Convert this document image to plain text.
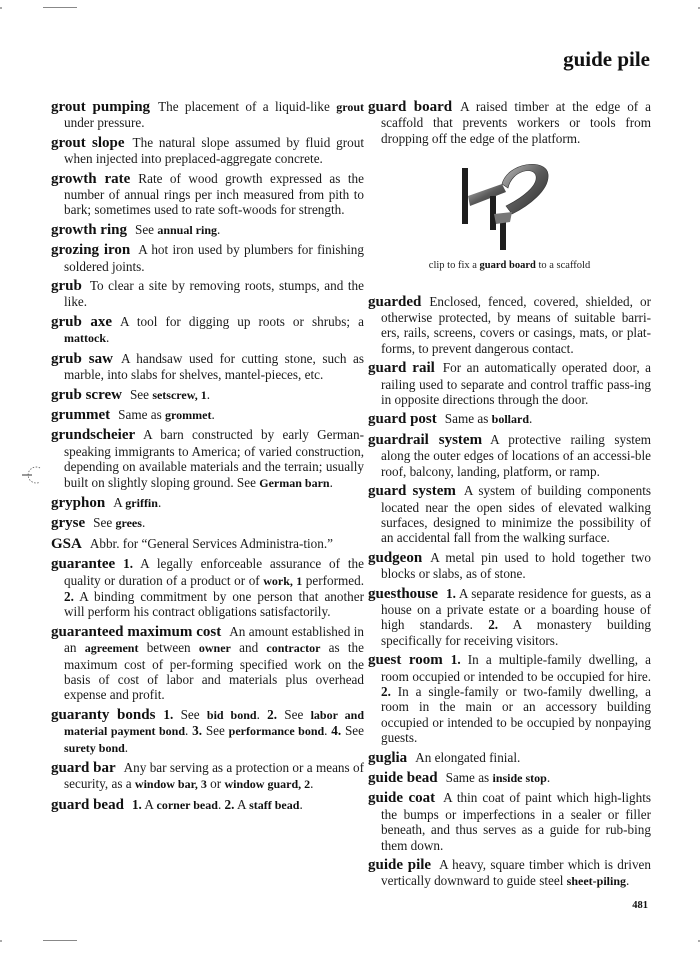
guide pile

grout pumping The placement of a liquid-like grout under pressure.

grout slope The natural slope assumed by fluid grout when injected into preplaced-aggregate concrete.

growth rate Rate of wood growth expressed as the number of annual rings per inch measured from pith to bark; sometimes used to rate soft-woods for strength.

growth ring See annual ring.

grozing iron A hot iron used by plumbers for finishing soldered joints.

grub To clear a site by removing roots, stumps, and the like.

grub axe A tool for digging up roots or shrubs; a mattock.

grub saw A handsaw used for cutting stone, such as marble, into slabs for shelves, mantel-pieces, etc.

grub screw See setscrew, 1.

grummet Same as grommet.

grundscheier A barn constructed by early German-speaking immigrants to America; of varied construction, depending on available materials and the terrain; usually built on slightly sloping ground. See German barn.

gryphon A griffin.

gryse See grees.

GSA Abbr. for “General Services Administra-tion.”

guarantee 1. A legally enforceable assurance of the quality or duration of a product or of work, 1 performed. 2. A binding commitment by one person that another will perform his contract obligations satisfactorily.

guaranteed maximum cost An amount established in an agreement between owner and contractor as the maximum cost of per-forming specified work on the basis of cost of labor and materials plus overhead expense and profit.

guaranty bonds 1. See bid bond. 2. See labor and material payment bond. 3. See performance bond. 4. See surety bond.

guard bar Any bar serving as a protection or a means of security, as a window bar, 3 or window guard, 2.

guard bead 1. A corner bead. 2. A staff bead.

guard board A raised timber at the edge of a scaffold that prevents workers or tools from dropping off the edge of the platform.

clip to fix a guard board to a scaffold

guarded Enclosed, fenced, covered, shielded, or otherwise protected, by means of suitable barri-ers, rails, screens, covers or casings, mats, or plat-forms, to prevent dangerous contact.

guard rail For an automatically operated door, a railing used to separate and control traffic pass-ing in opposite directions through the door.

guard post Same as bollard.

guardrail system A protective railing system along the outer edges of locations of an accessi-ble roof, balcony, landing, platform, or ramp.

guard system A system of building components located near the open sides of elevated walking surfaces, designed to minimize the possibility of an accidental fall from the walking surface.

gudgeon A metal pin used to hold together two blocks or slabs, as of stone.

guesthouse 1. A separate residence for guests, as a house on a private estate or a boarding house of high standards. 2. A monastery building specifically for receiving visitors.

guest room 1. In a multiple-family dwelling, a room occupied or intended to be occupied for hire. 2. In a single-family or two-family dwelling, a room in the main or an accessory building occupied or intended to be occupied by nonpaying guests.

guglia An elongated finial.

guide bead Same as inside stop.

guide coat A thin coat of paint which high-lights the bumps or imperfections in a sealer or filler beneath, and thus serves as a guide for rub-bing them down.

guide pile A heavy, square timber which is driven vertically downward to guide steel sheet-piling.

481
